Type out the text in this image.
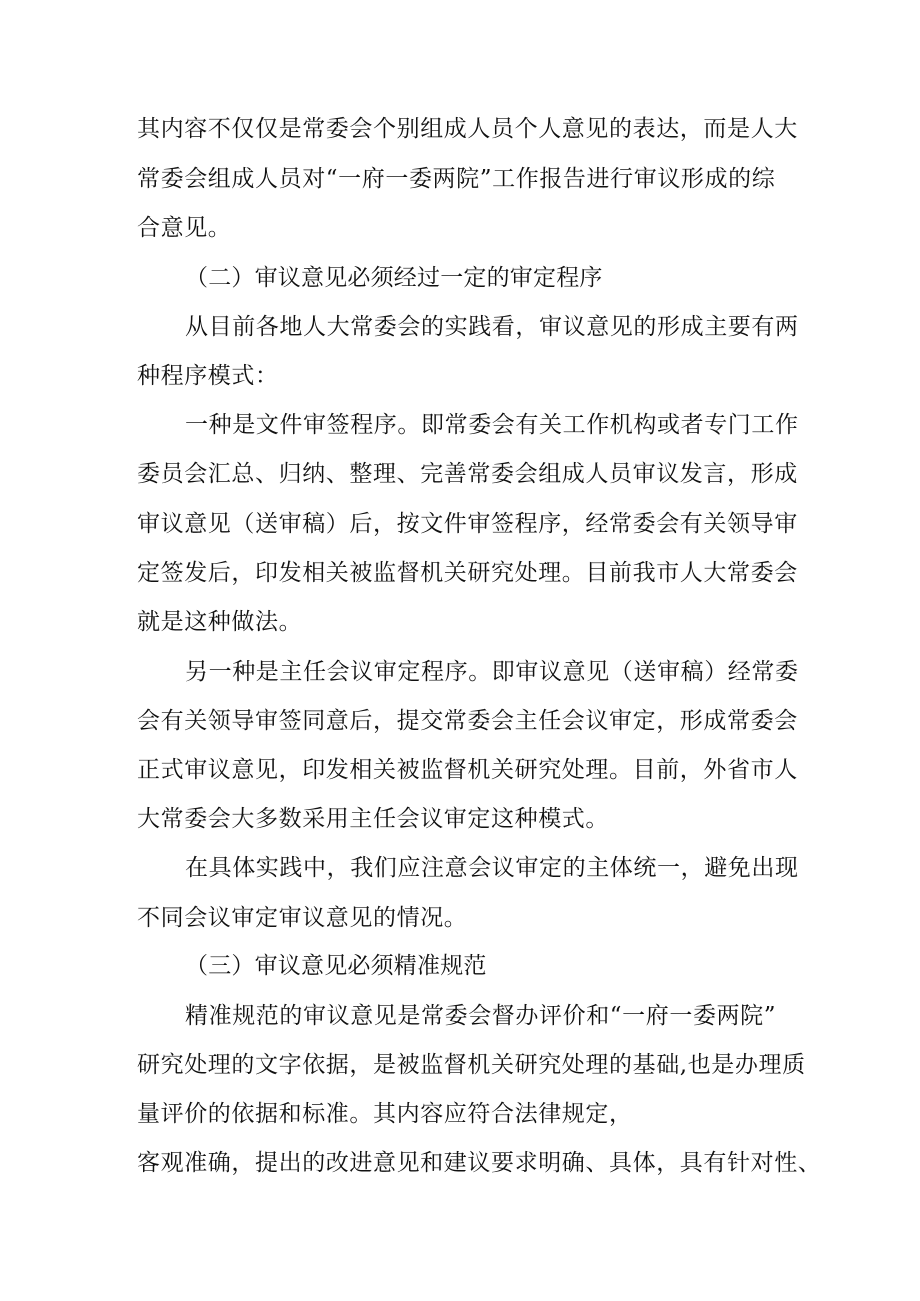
其内容不仅仅是常委会个别组成人员个人意见的表达，而是人大
常委会组成人员对“一府一委两院”工作报告进行审议形成的综
合意见。
（二）审议意见必须经过一定的审定程序
从目前各地人大常委会的实践看，审议意见的形成主要有两
种程序模式：
一种是文件审签程序。即常委会有关工作机构或者专门工作
委员会汇总、归纳、整理、完善常委会组成人员审议发言，形成
审议意见（送审稿）后，按文件审签程序，经常委会有关领导审
定签发后，印发相关被监督机关研究处理。目前我市人大常委会
就是这种做法。
另一种是主任会议审定程序。即审议意见（送审稿）经常委
会有关领导审签同意后，提交常委会主任会议审定，形成常委会
正式审议意见，印发相关被监督机关研究处理。目前，外省市人
大常委会大多数采用主任会议审定这种模式。
在具体实践中，我们应注意会议审定的主体统一，避免出现
不同会议审定审议意见的情况。
（三）审议意见必须精准规范
精准规范的审议意见是常委会督办评价和“一府一委两院”
研究处理的文字依据，是被监督机关研究处理的基础,也是办理质
量评价的依据和标准。其内容应符合法律规定，
客观准确，提出的改进意见和建议要求明确、具体，具有针对性、
